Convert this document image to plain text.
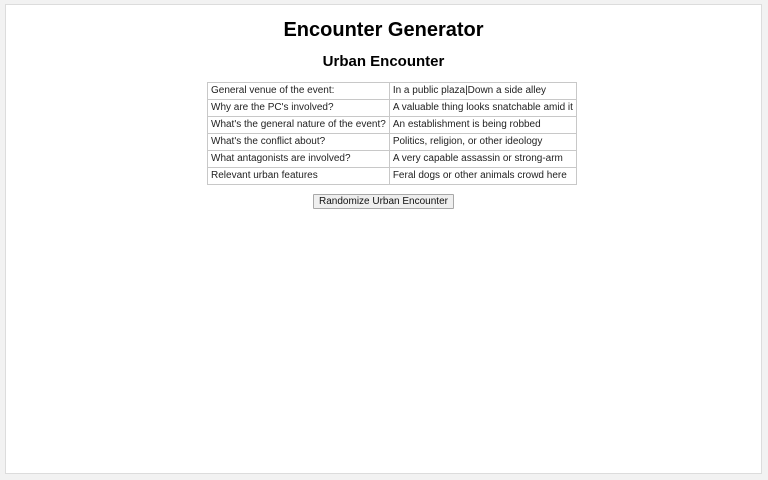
Encounter Generator
Urban Encounter
General venue of the event:	In a public plaza|Down a side alley
Why are the PC's involved?	A valuable thing looks snatchable amid it
What's the general nature of the event?	An establishment is being robbed
What's the conflict about?	Politics, religion, or other ideology
What antagonists are involved?	A very capable assassin or strong-arm
Relevant urban features	Feral dogs or other animals crowd here
Randomize Urban Encounter
